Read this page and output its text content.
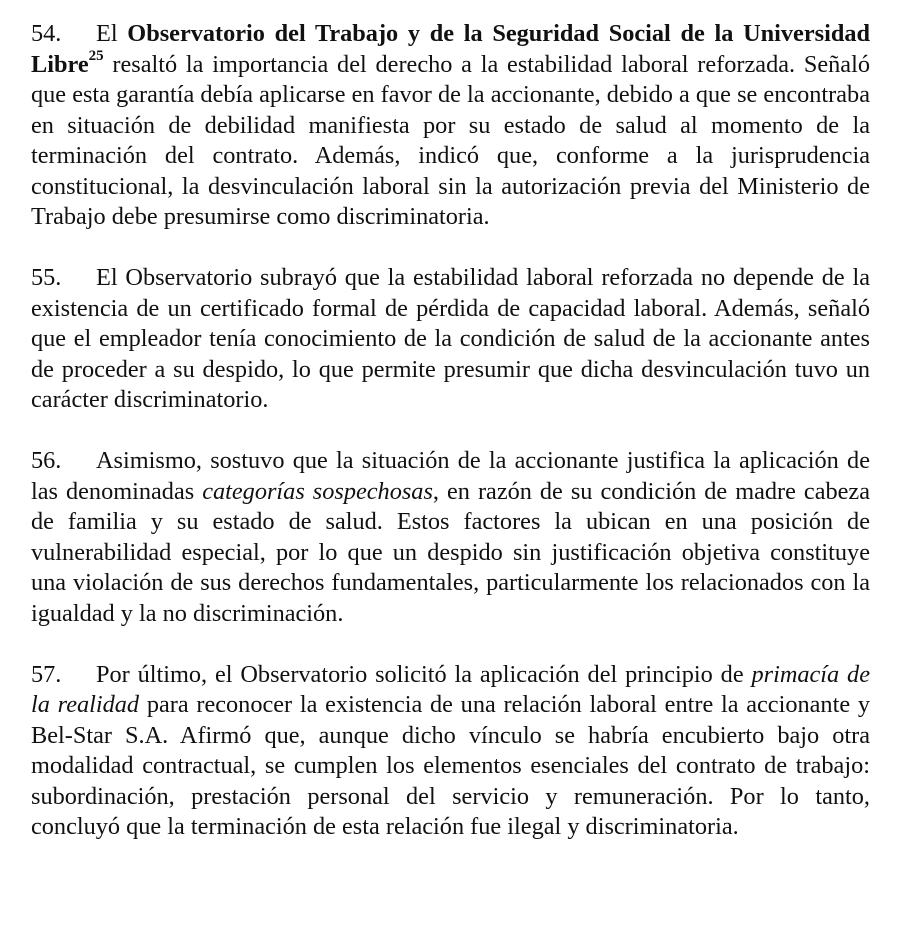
54. El Observatorio del Trabajo y de la Seguridad Social de la Universidad Libre$^{25}$ resaltó la importancia del derecho a la estabilidad laboral reforzada. Señaló que esta garantía debía aplicarse en favor de la accionante, debido a que se encontraba en situación de debilidad manifiesta por su estado de salud al momento de la terminación del contrato. Además, indicó que, conforme a la jurisprudencia constitucional, la desvinculación laboral sin la autorización previa del Ministerio de Trabajo debe presumirse como discriminatoria.

55. El Observatorio subrayó que la estabilidad laboral reforzada no depende de la existencia de un certificado formal de pérdida de capacidad laboral. Además, señaló que el empleador tenía conocimiento de la condición de salud de la accionante antes de proceder a su despido, lo que permite presumir que dicha desvinculación tuvo un carácter discriminatorio.

56. Asimismo, sostuvo que la situación de la accionante justifica la aplicación de las denominadas categorías sospechosas, en razón de su condición de madre cabeza de familia y su estado de salud. Estos factores la ubican en una posición de vulnerabilidad especial, por lo que un despido sin justificación objetiva constituye una violación de sus derechos fundamentales, particularmente los relacionados con la igualdad y la no discriminación.

57. Por último, el Observatorio solicitó la aplicación del principio de primacía de la realidad para reconocer la existencia de una relación laboral entre la accionante y Bel-Star S.A. Afirmó que, aunque dicho vínculo se habría encubierto bajo otra modalidad contractual, se cumplen los elementos esenciales del contrato de trabajo: subordinación, prestación personal del servicio y remuneración. Por lo tanto, concluyó que la terminación de esta relación fue ilegal y discriminatoria.
